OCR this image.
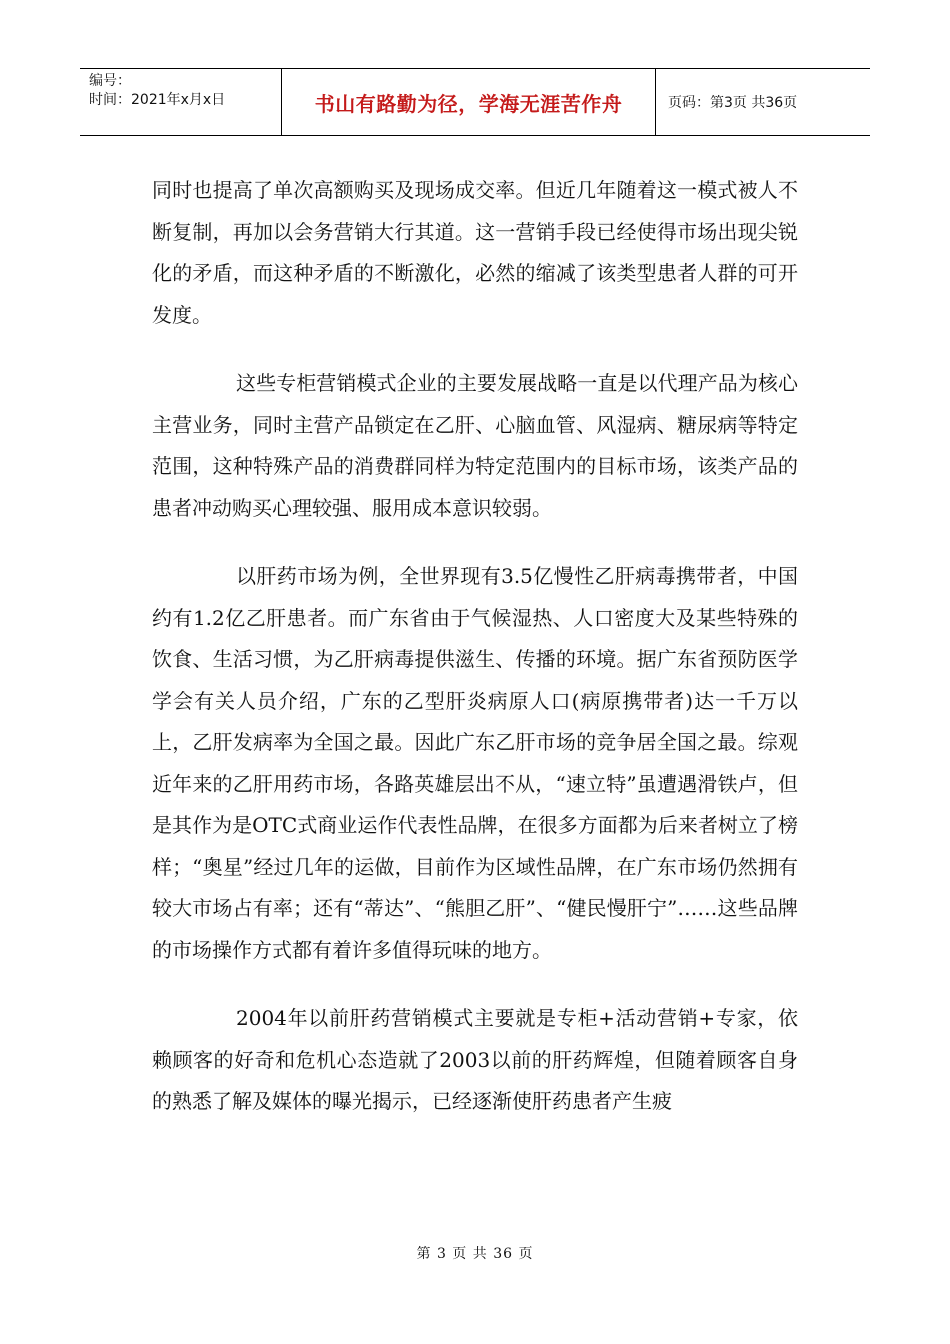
编号：
时间：2021年x月x日	书山有路勤为径，学海无涯苦作舟	页码：第3页 共36页

同时也提高了单次高额购买及现场成交率。但近几年随着这一模式被人不断复制，再加以会务营销大行其道。这一营销手段已经使得市场出现尖锐化的矛盾，而这种矛盾的不断激化，必然的缩减了该类型患者人群的可开发度。

这些专柜营销模式企业的主要发展战略一直是以代理产品为核心主营业务，同时主营产品锁定在乙肝、心脑血管、风湿病、糖尿病等特定范围，这种特殊产品的消费群同样为特定范围内的目标市场，该类产品的患者冲动购买心理较强、服用成本意识较弱。

以肝药市场为例，全世界现有3.5亿慢性乙肝病毒携带者，中国约有1.2亿乙肝患者。而广东省由于气候湿热、人口密度大及某些特殊的饮食、生活习惯，为乙肝病毒提供滋生、传播的环境。据广东省预防医学学会有关人员介绍，广东的乙型肝炎病原人口(病原携带者)达一千万以上，乙肝发病率为全国之最。因此广东乙肝市场的竞争居全国之最。综观近年来的乙肝用药市场，各路英雄层出不从，“速立特”虽遭遇滑铁卢，但是其作为是OTC式商业运作代表性品牌，在很多方面都为后来者树立了榜样；“奥星”经过几年的运做，目前作为区域性品牌，在广东市场仍然拥有较大市场占有率；还有“蒂达”、“熊胆乙肝”、“健民慢肝宁”……这些品牌的市场操作方式都有着许多值得玩味的地方。

2004年以前肝药营销模式主要就是专柜+活动营销+专家，依赖顾客的好奇和危机心态造就了2003以前的肝药辉煌，但随着顾客自身的熟悉了解及媒体的曝光揭示，已经逐渐使肝药患者产生疲

第 3 页 共 36 页
